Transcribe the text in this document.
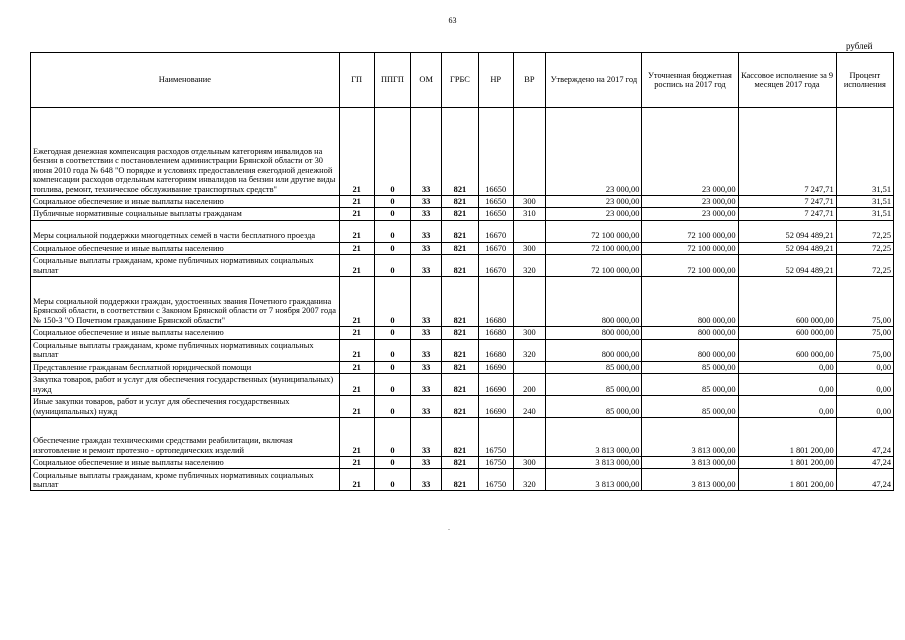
63
рублей
Наименование	ГП	ППГП	ОМ	ГРБС	НР	ВР	Утверждено на 2017 год	Уточненная бюджетная роспись на 2017 год	Кассовое исполнение за 9 месяцев 2017 года	Процент исполнения
Ежегодная денежная компенсация расходов отдельным категориям инвалидов на бензин в соответствии с постановлением администрации Брянской области от 30 июня 2010 года № 648 "О порядке и условиях предоставления ежегодной денежной компенсации расходов отдельным категориям инвалидов на бензин или другие виды топлива, ремонт, техническое обслуживание транспортных средств"	21	0	33	821	16650		23 000,00	23 000,00	7 247,71	31,51
Социальное обеспечение и иные выплаты населению	21	0	33	821	16650	300	23 000,00	23 000,00	7 247,71	31,51
Публичные нормативные социальные выплаты гражданам	21	0	33	821	16650	310	23 000,00	23 000,00	7 247,71	31,51
Меры социальной поддержки многодетных семей в части бесплатного проезда	21	0	33	821	16670		72 100 000,00	72 100 000,00	52 094 489,21	72,25
Социальное обеспечение и иные выплаты населению	21	0	33	821	16670	300	72 100 000,00	72 100 000,00	52 094 489,21	72,25
Социальные выплаты гражданам, кроме публичных нормативных социальных выплат	21	0	33	821	16670	320	72 100 000,00	72 100 000,00	52 094 489,21	72,25
Меры социальной поддержки граждан, удостоенных звания Почетного гражданина Брянской области, в соответствии с Законом Брянской области от 7 ноября 2007 года № 150-З "О Почетном гражданине Брянской области"	21	0	33	821	16680		800 000,00	800 000,00	600 000,00	75,00
Социальное обеспечение и иные выплаты населению	21	0	33	821	16680	300	800 000,00	800 000,00	600 000,00	75,00
Социальные выплаты гражданам, кроме публичных нормативных социальных выплат	21	0	33	821	16680	320	800 000,00	800 000,00	600 000,00	75,00
Представление гражданам бесплатной юридической помощи	21	0	33	821	16690		85 000,00	85 000,00	0,00	0,00
Закупка товаров, работ и услуг для обеспечения государственных (муниципальных) нужд	21	0	33	821	16690	200	85 000,00	85 000,00	0,00	0,00
Иные закупки товаров, работ и услуг для обеспечения государственных (муниципальных) нужд	21	0	33	821	16690	240	85 000,00	85 000,00	0,00	0,00
Обеспечение граждан техническими средствами реабилитации, включая изготовление и ремонт протезно - ортопедических изделий	21	0	33	821	16750		3 813 000,00	3 813 000,00	1 801 200,00	47,24
Социальное обеспечение и иные выплаты населению	21	0	33	821	16750	300	3 813 000,00	3 813 000,00	1 801 200,00	47,24
Социальные выплаты гражданам, кроме публичных нормативных социальных выплат	21	0	33	821	16750	320	3 813 000,00	3 813 000,00	1 801 200,00	47,24
.
